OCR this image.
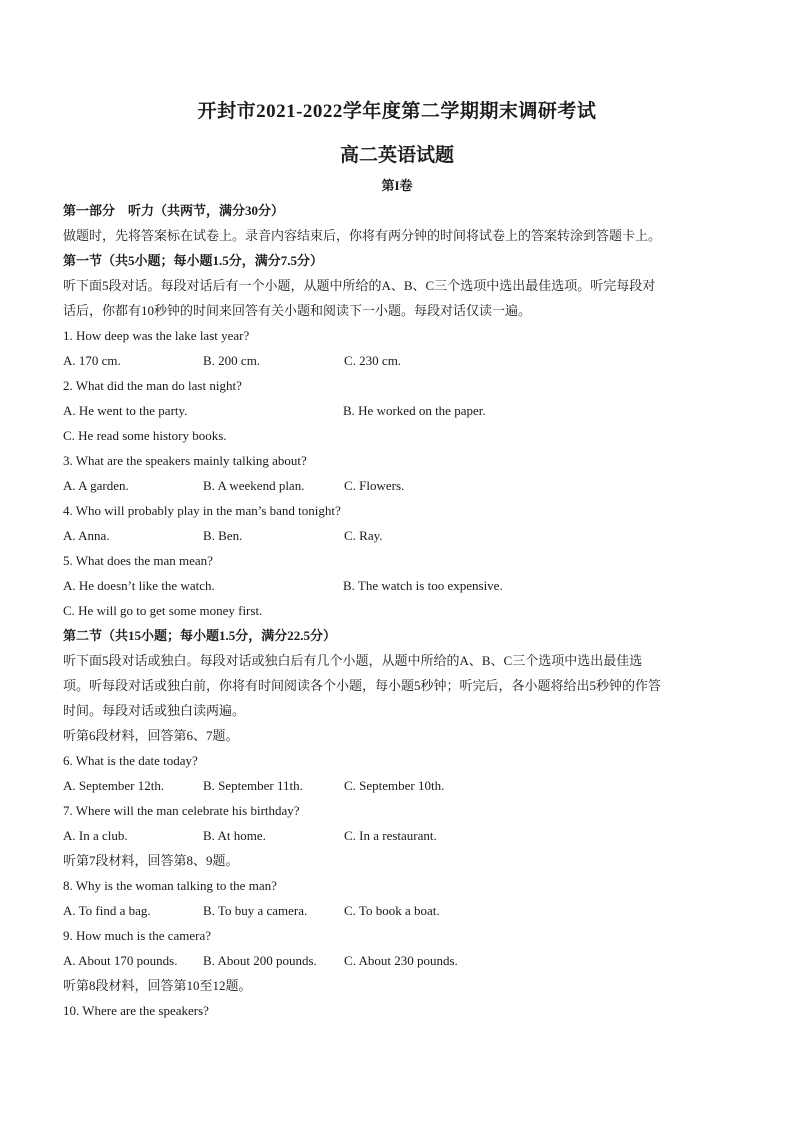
开封市2021-2022学年度第二学期期末调研考试
高二英语试题
第I卷
第一部分　听力（共两节，满分30分）
做题时，先将答案标在试卷上。录音内容结束后，你将有两分钟的时间将试卷上的答案转涂到答题卡上。
第一节（共5小题；每小题1.5分，满分7.5分）
听下面5段对话。每段对话后有一个小题，从题中所给的A、B、C三个选项中选出最佳选项。听完每段对
话后，你都有10秒钟的时间来回答有关小题和阅读下一小题。每段对话仅读一遍。
1. How deep was the lake last year?
A. 170 cm.	B. 200 cm.	C. 230 cm.
2. What did the man do last night?
A. He went to the party.	B. He worked on the paper.
C. He read some history books.
3. What are the speakers mainly talking about?
A. A garden.	B. A weekend plan.	C. Flowers.
4. Who will probably play in the man’s band tonight?
A. Anna.	B. Ben.	C. Ray.
5. What does the man mean?
A. He doesn’t like the watch.	B. The watch is too expensive.
C. He will go to get some money first.
第二节（共15小题；每小题1.5分，满分22.5分）
听下面5段对话或独白。每段对话或独白后有几个小题，从题中所给的A、B、C三个选项中选出最佳选
项。听每段对话或独白前，你将有时间阅读各个小题，每小题5秒钟；听完后，各小题将给出5秒钟的作答
时间。每段对话或独白读两遍。
听第6段材料，回答第6、7题。
6. What is the date today?
A. September 12th.	B. September 11th.	C. September 10th.
7. Where will the man celebrate his birthday?
A. In a club.	B. At home.	C. In a restaurant.
听第7段材料，回答第8、9题。
8. Why is the woman talking to the man?
A. To find a bag.	B. To buy a camera.	C. To book a boat.
9. How much is the camera?
A. About 170 pounds. B. About 200 pounds. C. About 230 pounds.
听第8段材料，回答第10至12题。
10. Where are the speakers?
